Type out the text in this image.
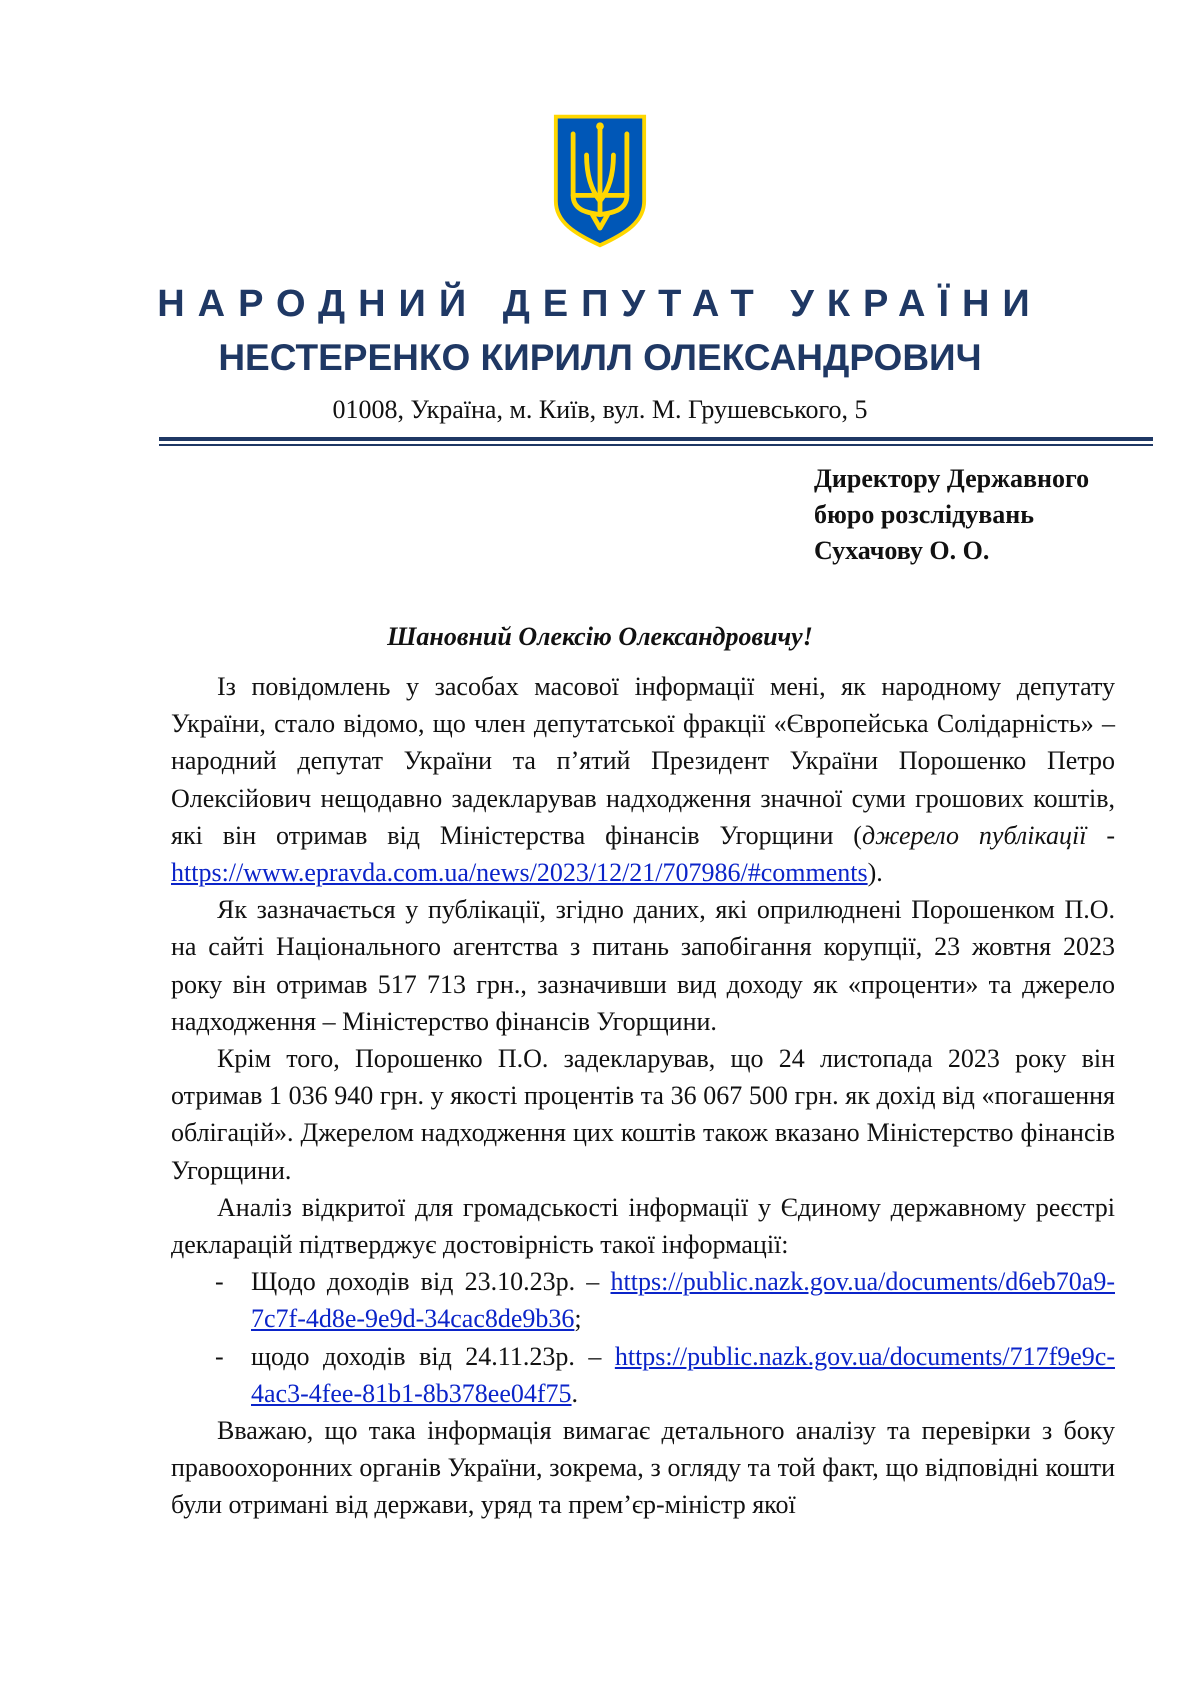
НАРОДНИЙ ДЕПУТАТ УКРАЇНИ
НЕСТЕРЕНКО КИРИЛЛ ОЛЕКСАНДРОВИЧ
01008, Україна, м. Київ, вул. М. Грушевського, 5
Директору Державного
бюро розслідувань
Сухачову О. О.
Шановний Олексію Олександровичу!

Із повідомлень у засобах масової інформації мені, як народному депутату України, стало відомо, що член депутатської фракції «Європейська Солідарність» – народний депутат України та п’ятий Президент України Порошенко Петро Олексійович нещодавно задекларував надходження значної суми грошових коштів, які він отримав від Міністерства фінансів Угорщини (джерело публікації - https://www.epravda.com.ua/news/2023/12/21/707986/#comments).

Як зазначається у публікації, згідно даних, які оприлюднені Порошенком П.О. на сайті Національного агентства з питань запобігання корупції, 23 жовтня 2023 року він отримав 517 713 грн., зазначивши вид доходу як «проценти» та джерело надходження – Міністерство фінансів Угорщини.

Крім того, Порошенко П.О. задекларував, що 24 листопада 2023 року він отримав 1 036 940 грн. у якості процентів та 36 067 500 грн. як дохід від «погашення облігацій». Джерелом надходження цих коштів також вказано Міністерство фінансів Угорщини.

Аналіз відкритої для громадськості інформації у Єдиному державному реєстрі декларацій підтверджує достовірність такої інформації:

- Щодо доходів від 23.10.23р. – https://public.nazk.gov.ua/documents/d6eb70a9-7c7f-4d8e-9e9d-34cac8de9b36;
- щодо доходів від 24.11.23р. – https://public.nazk.gov.ua/documents/717f9e9c-4ac3-4fee-81b1-8b378ee04f75.

Вважаю, що така інформація вимагає детального аналізу та перевірки з боку правоохоронних органів України, зокрема, з огляду та той факт, що відповідні кошти були отримані від держави, уряд та прем’єр-міністр якої
